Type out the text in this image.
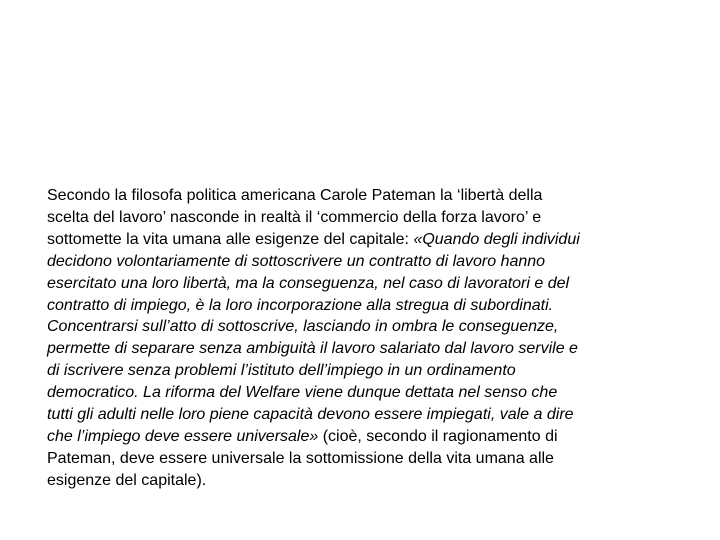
Secondo la filosofa politica americana Carole Pateman la ‘libertà della
scelta del lavoro’ nasconde in realtà il ‘commercio della forza lavoro’ e
sottomette la vita umana alle esigenze del capitale: «Quando degli individui
decidono volontariamente di sottoscrivere un contratto di lavoro hanno
esercitato una loro libertà, ma la conseguenza, nel caso di lavoratori e del
contratto di impiego, è la loro incorporazione alla stregua di subordinati.
Concentrarsi sull’atto di sottoscrive, lasciando in ombra le conseguenze,
permette di separare senza ambiguità il lavoro salariato dal lavoro servile e
di iscrivere senza problemi l’istituto dell’impiego in un ordinamento
democratico. La riforma del Welfare viene dunque dettata nel senso che
tutti gli adulti nelle loro piene capacità devono essere impiegati, vale a dire
che l’impiego deve essere universale» (cioè, secondo il ragionamento di
Pateman, deve essere universale la sottomissione della vita umana alle
esigenze del capitale).
